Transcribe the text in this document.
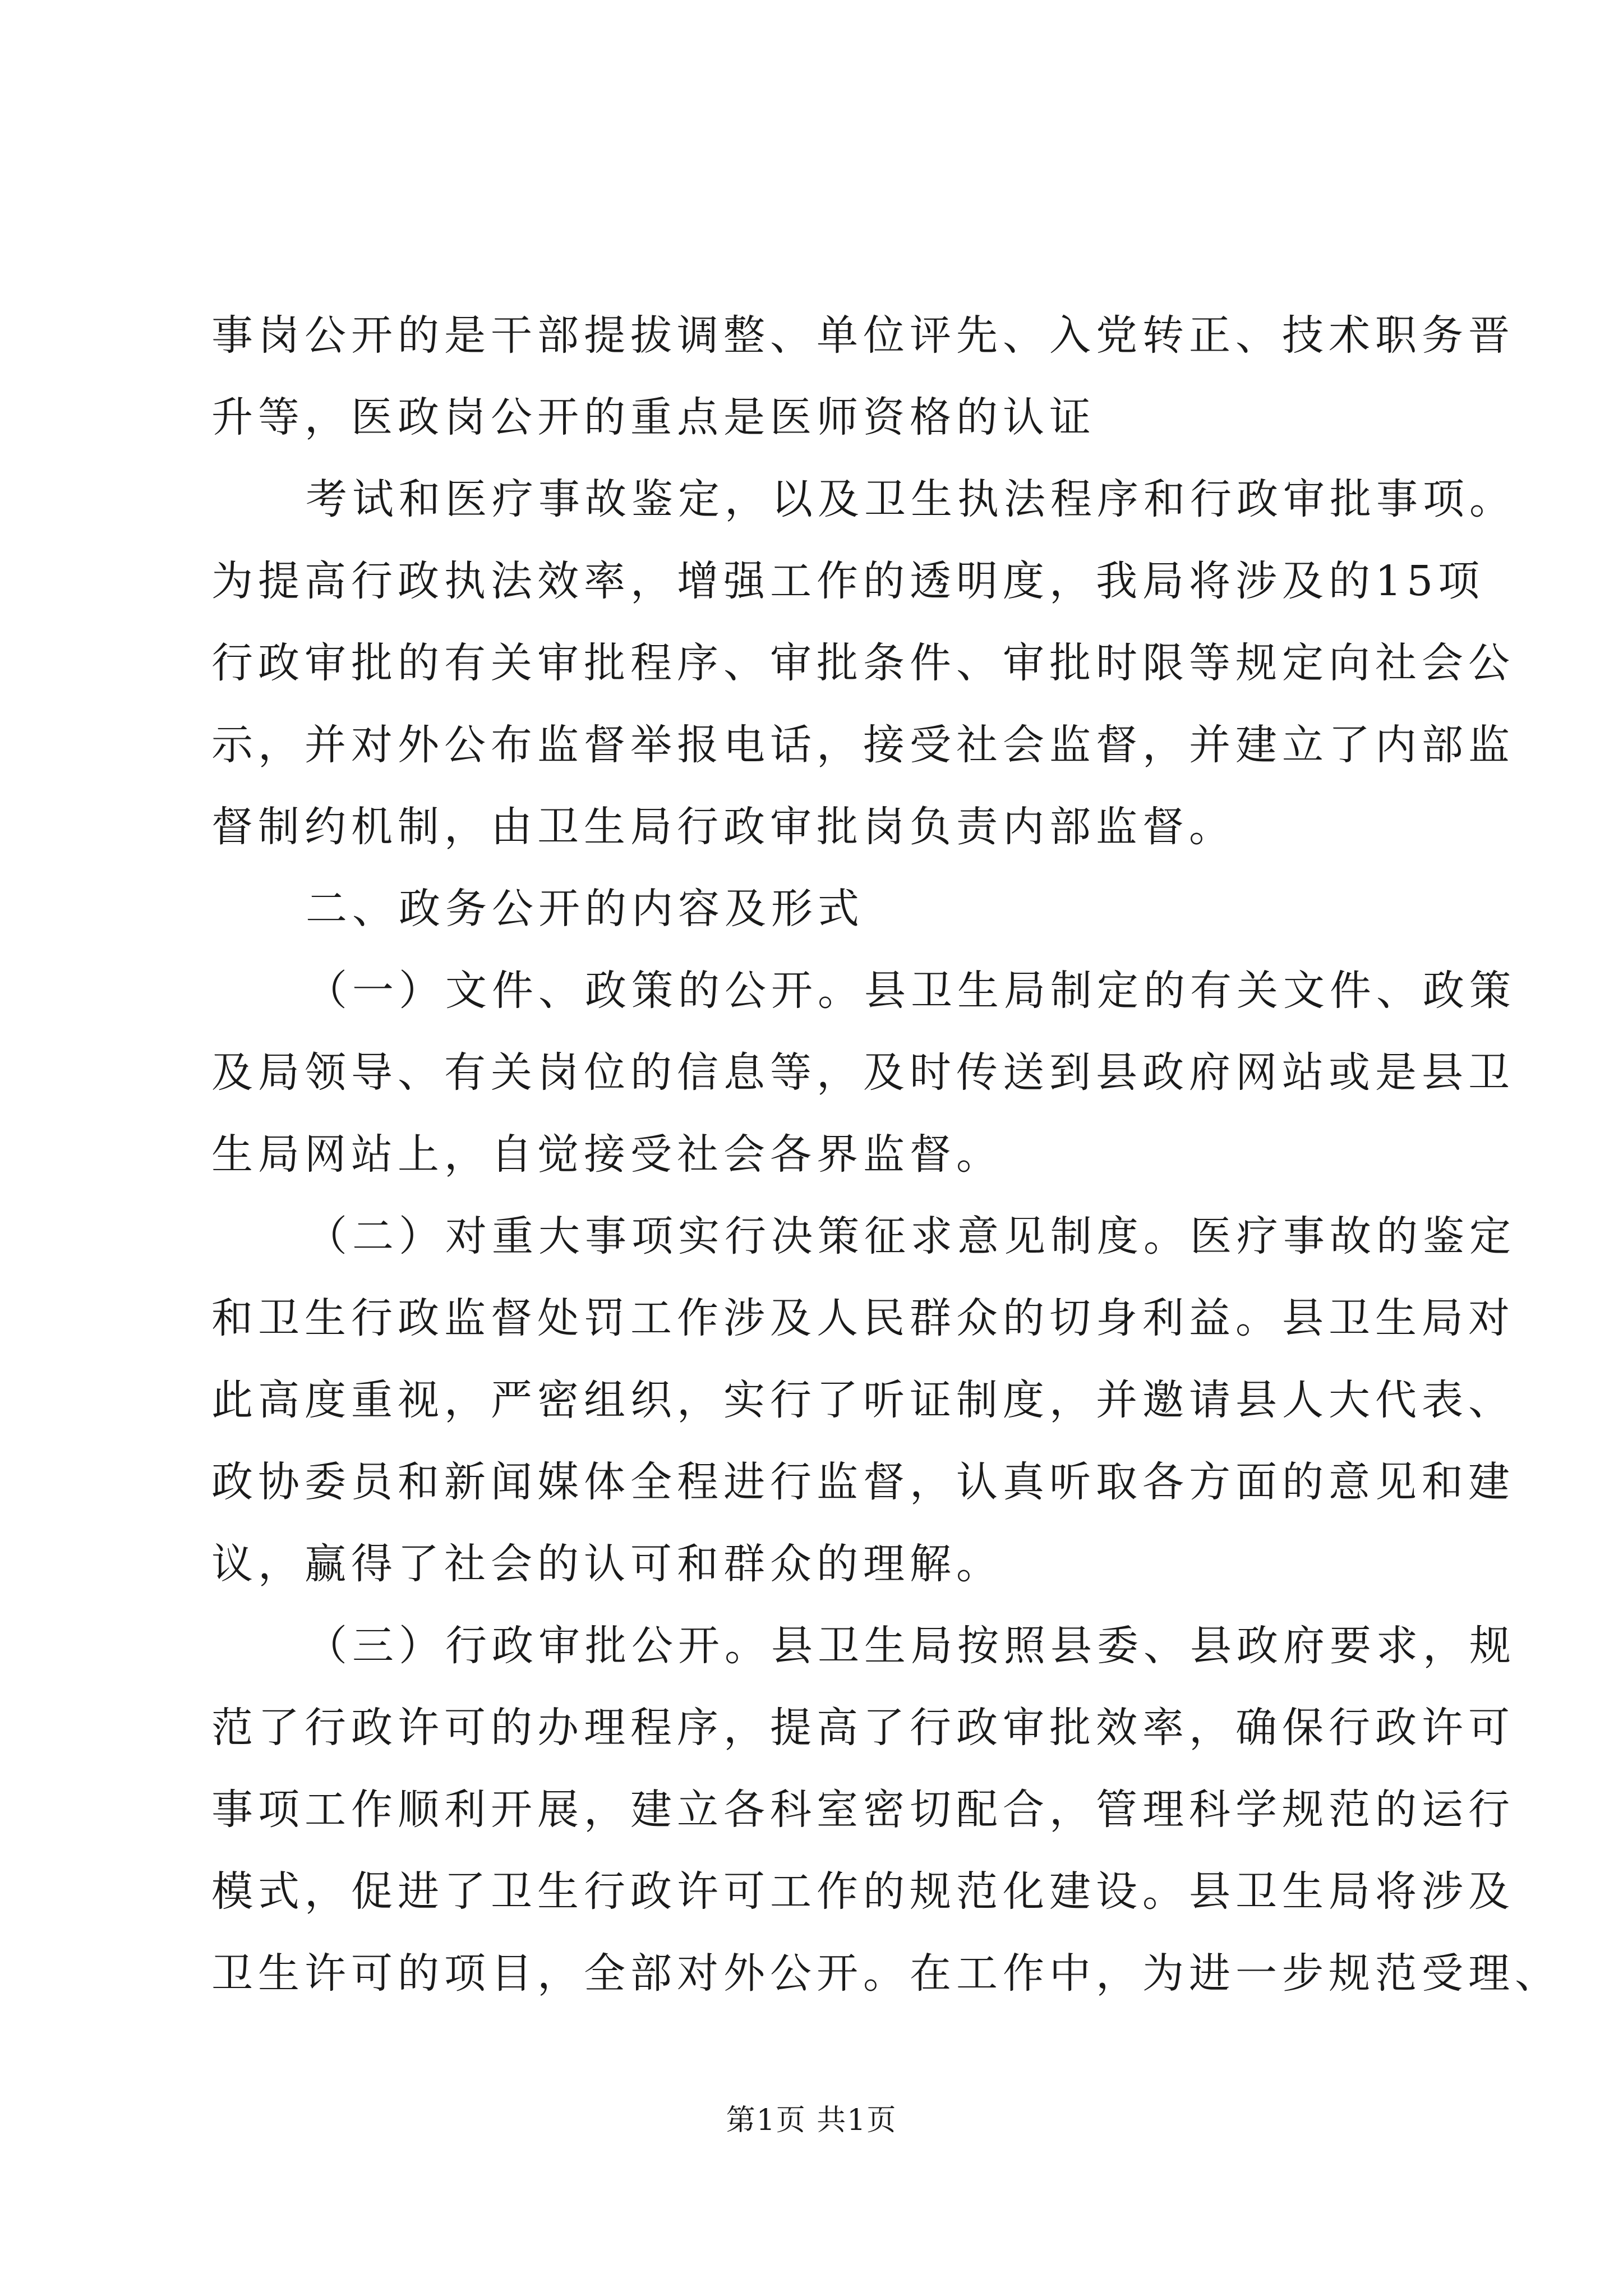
事岗公开的是干部提拔调整、单位评先、入党转正、技术职务晋
升等，医政岗公开的重点是医师资格的认证
考试和医疗事故鉴定，以及卫生执法程序和行政审批事项。
为提高行政执法效率，增强工作的透明度，我局将涉及的15项
行政审批的有关审批程序、审批条件、审批时限等规定向社会公
示，并对外公布监督举报电话，接受社会监督，并建立了内部监
督制约机制，由卫生局行政审批岗负责内部监督。
二、政务公开的内容及形式
（一）文件、政策的公开。县卫生局制定的有关文件、政策
及局领导、有关岗位的信息等，及时传送到县政府网站或是县卫
生局网站上，自觉接受社会各界监督。
（二）对重大事项实行决策征求意见制度。医疗事故的鉴定
和卫生行政监督处罚工作涉及人民群众的切身利益。县卫生局对
此高度重视，严密组织，实行了听证制度，并邀请县人大代表、
政协委员和新闻媒体全程进行监督，认真听取各方面的意见和建
议，赢得了社会的认可和群众的理解。
（三）行政审批公开。县卫生局按照县委、县政府要求，规
范了行政许可的办理程序，提高了行政审批效率，确保行政许可
事项工作顺利开展，建立各科室密切配合，管理科学规范的运行
模式，促进了卫生行政许可工作的规范化建设。县卫生局将涉及
卫生许可的项目，全部对外公开。在工作中，为进一步规范受理、
第1页 共1页
